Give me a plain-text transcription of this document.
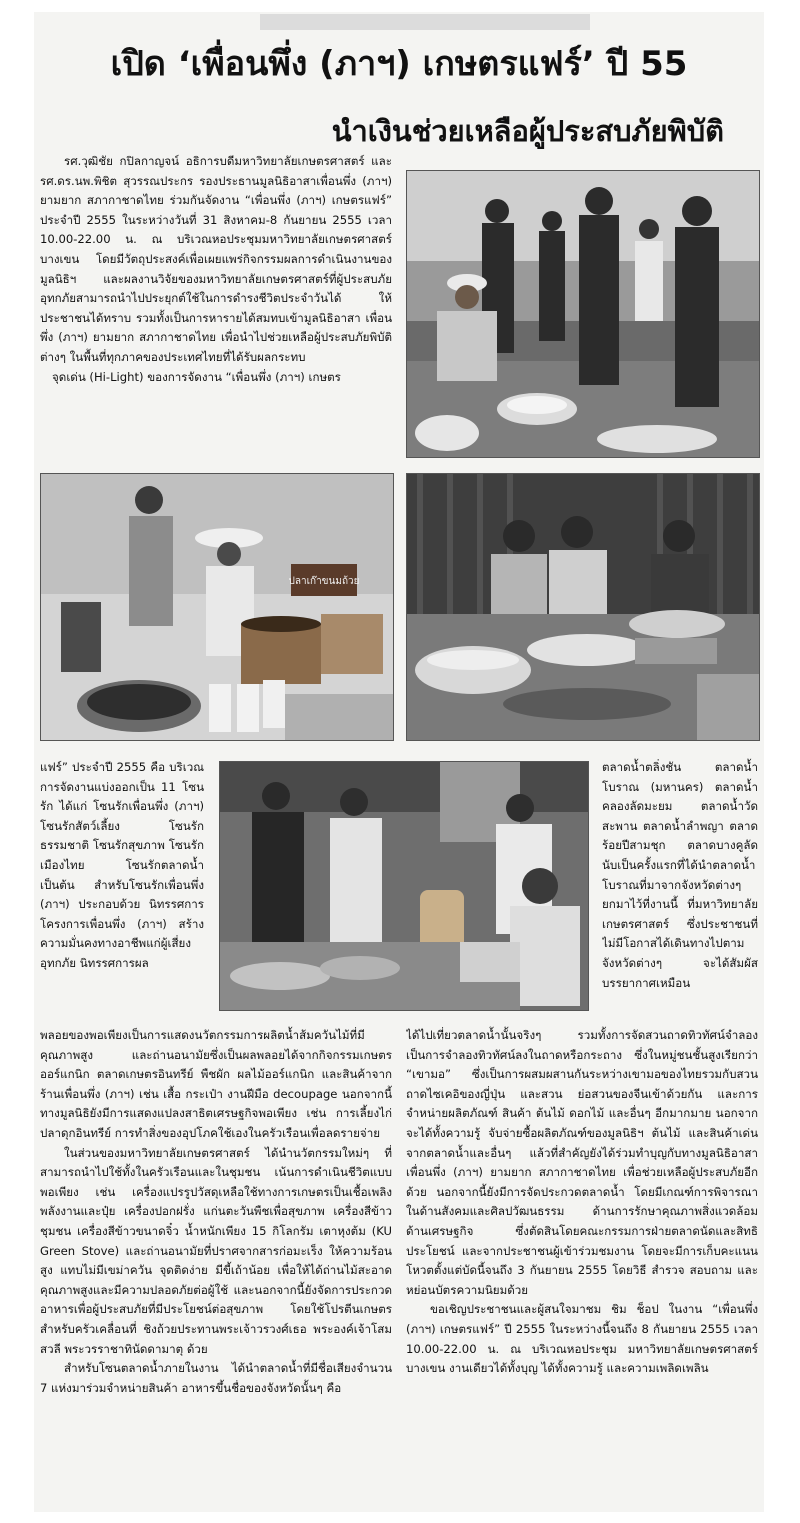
เปิด ‘เพื่อนพึ่ง (ภาฯ) เกษตรแฟร์’ ปี 55
นำเงินช่วยเหลือผู้ประสบภัยพิบัติ

รศ.วุฒิชัย กปิลกาญจน์ อธิการบดีมหาวิทยาลัยเกษตรศาสตร์ และ รศ.ดร.นพ.พิชิต สุวรรณประกร รองประธานมูลนิธิอาสาเพื่อนพึ่ง (ภาฯ) ยามยาก สภากาชาดไทย ร่วมกันจัดงาน “เพื่อนพึ่ง (ภาฯ) เกษตรแฟร์” ประจำปี 2555 ในระหว่างวันที่ 31 สิงหาคม-8 กันยายน 2555 เวลา 10.00-22.00 น. ณ บริเวณหอประชุมมหาวิทยาลัยเกษตรศาสตร์ บางเขน โดยมีวัตถุประสงค์เพื่อเผยแพร่กิจกรรมผลการดำเนินงานของมูลนิธิฯ และผลงานวิจัยของมหาวิทยาลัยเกษตรศาสตร์ที่ผู้ประสบภัยอุทกภัยสามารถนำไปประยุกต์ใช้ในการดำรงชีวิตประจำวันได้ ให้ประชาชนได้ทราบ รวมทั้งเป็นการหารายได้สมทบเข้ามูลนิธิอาสา เพื่อนพึ่ง (ภาฯ) ยามยาก สภากาชาดไทย เพื่อนำไปช่วยเหลือผู้ประสบภัยพิบัติต่างๆ ในพื้นที่ทุกภาคของประเทศไทยที่ได้รับผลกระทบ

จุดเด่น (Hi-Light) ของการจัดงาน “เพื่อนพึ่ง (ภาฯ) เกษตร

ปลาเก๊าขนมถ้วย

แฟร์” ประจำปี 2555 คือ บริเวณการจัดงานแบ่งออกเป็น 11 โซนรัก ได้แก่ โซนรักเพื่อนพึ่ง (ภาฯ) โซนรักสัตว์เลี้ยง โซนรักธรรมชาติ โซนรักสุขภาพ โซนรักเมืองไทย โซนรักตลาดน้ำ เป็นต้น สำหรับโซนรักเพื่อนพึ่ง (ภาฯ) ประกอบด้วย นิทรรศการโครงการเพื่อนพึ่ง (ภาฯ) สร้างความมั่นคงทางอาชีพแก่ผู้เสี่ยงอุทกภัย นิทรรศการผล

ตลาดน้ำตลิ่งชัน ตลาดน้ำโบราณ (มหานคร) ตลาดน้ำคลองลัดมะยม ตลาดน้ำวัดสะพาน ตลาดน้ำลำพญา ตลาดร้อยปีสามชุก ตลาดบางคูลัด นับเป็นครั้งแรกที่ได้นำตลาดน้ำโบราณที่มาจากจังหวัดต่างๆ ยกมาไว้ที่งานนี้ ที่มหาวิทยาลัยเกษตรศาสตร์ ซึ่งประชาชนที่ไม่มีโอกาสได้เดินทางไปตามจังหวัดต่างๆ จะได้สัมผัสบรรยากาศเหมือน

พลอยของพอเพียงเป็นการแสดงนวัตกรรมการผลิตน้ำส้มควันไม้ที่มีคุณภาพสูง และถ่านอนามัยซึ่งเป็นผลพลอยได้จากกิจกรรมเกษตรออร์แกนิก ตลาดเกษตรอินทรีย์ พืชผัก ผลไม้ออร์แกนิก และสินค้าจากร้านเพื่อนพึ่ง (ภาฯ) เช่น เสื้อ กระเป๋า งานฝีมือ decoupage นอกจากนี้ทางมูลนิธิยังมีการแสดงแปลงสาธิตเศรษฐกิจพอเพียง เช่น การเลี้ยงไก่ ปลาดุกอินทรีย์ การทำสิ่งของอุปโภคใช้เองในครัวเรือนเพื่อลดรายจ่าย

ในส่วนของมหาวิทยาลัยเกษตรศาสตร์ ได้นำนวัตกรรมใหม่ๆ ที่สามารถนำไปใช้ทั้งในครัวเรือนและในชุมชน เน้นการดำเนินชีวิตแบบพอเพียง เช่น เครื่องแปรรูปวัสดุเหลือใช้ทางการเกษตรเป็นเชื้อเพลิงพลังงานและปุ๋ย เครื่องปอกฝรั่ง แก่นตะวันพืชเพื่อสุขภาพ เครื่องสีข้าวชุมชน เครื่องสีข้าวขนาดจิ๋ว น้ำหนักเพียง 15 กิโลกรัม เตาหุงต้ม (KU Green Stove) และถ่านอนามัยที่ปราศจากสารก่อมะเร็ง ให้ความร้อนสูง แทบไม่มีเขม่าควัน จุดติดง่าย มีขี้เถ้าน้อย เพื่อให้ได้ถ่านไม้สะอาดคุณภาพสูงและมีความปลอดภัยต่อผู้ใช้ และนอกจากนี้ยังจัดการประกวดอาหารเพื่อผู้ประสบภัยที่มีประโยชน์ต่อสุขภาพ โดยใช้โปรตีนเกษตรสำหรับครัวเคลื่อนที่ ชิงถ้วยประทานพระเจ้าวรวงศ์เธอ พระองค์เจ้าโสมสวลี พระวรราชาทินัดดามาตุ ด้วย

สำหรับโซนตลาดน้ำภายในงาน ได้นำตลาดน้ำที่มีชื่อเสียงจำนวน 7 แห่งมาร่วมจำหน่ายสินค้า อาหารขึ้นชื่อของจังหวัดนั้นๆ คือ

ได้ไปเที่ยวตลาดน้ำนั้นจริงๆ รวมทั้งการจัดสวนถาดทิวทัศน์จำลองเป็นการจำลองทิวทัศน์ลงในถาดหรือกระถาง ซึ่งในหมู่ชนชั้นสูงเรียกว่า “เขามอ” ซึ่งเป็นการผสมผสานกันระหว่างเขามอของไทยรวมกับสวนถาดไซเคอิของญี่ปุ่น และสวน ย่อสวนของจีนเข้าด้วยกัน และการจำหน่ายผลิตภัณฑ์ สินค้า ต้นไม้ ดอกไม้ และอื่นๆ อีกมากมาย นอกจากจะได้ทั้งความรู้ จับจ่ายซื้อผลิตภัณฑ์ของมูลนิธิฯ ต้นไม้ และสินค้าเด่นจากตลาดน้ำและอื่นๆ แล้วที่สำคัญยังได้ร่วมทำบุญกับทางมูลนิธิอาสาเพื่อนพึ่ง (ภาฯ) ยามยาก สภากาชาดไทย เพื่อช่วยเหลือผู้ประสบภัยอีกด้วย นอกจากนี้ยังมีการจัดประกวดตลาดน้ำ โดยมีเกณฑ์การพิจารณาในด้านสังคมและศิลปวัฒนธรรม ด้านการรักษาคุณภาพสิ่งแวดล้อม ด้านเศรษฐกิจ ซึ่งตัดสินโดยคณะกรรมการฝ่ายตลาดนัดและสิทธิประโยชน์ และจากประชาชนผู้เข้าร่วมชมงาน โดยจะมีการเก็บคะแนนโหวตตั้งแต่บัดนี้จนถึง 3 กันยายน 2555 โดยวิธี สำรวจ สอบถาม และหย่อนบัตรความนิยมด้วย

ขอเชิญประชาชนและผู้สนใจมาชม ชิม ช็อป ในงาน “เพื่อนพึ่ง (ภาฯ) เกษตรแฟร์” ปี 2555 ในระหว่างนี้จนถึง 8 กันยายน 2555 เวลา 10.00-22.00 น. ณ บริเวณหอประชุม มหาวิทยาลัยเกษตรศาสตร์ บางเขน งานเดียวได้ทั้งบุญ ได้ทั้งความรู้ และความเพลิดเพลิน
